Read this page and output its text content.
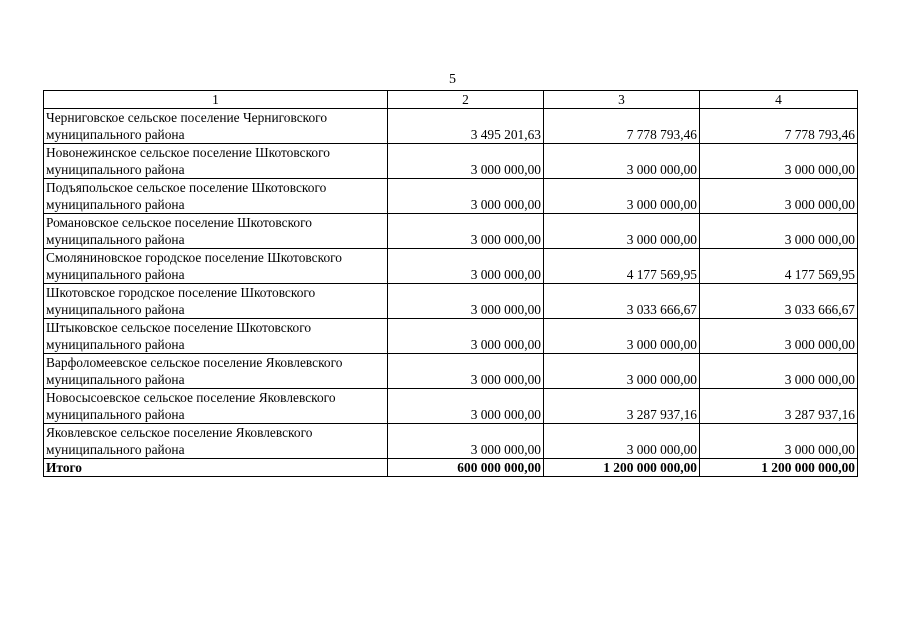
5
1	2	3	4

Черниговское сельское поселение Черниговского
муниципального района	3 495 201,63	7 778 793,46	7 778 793,46

Новонежинское сельское поселение Шкотовского
муниципального района	3 000 000,00	3 000 000,00	3 000 000,00

Подъяпольское сельское поселение Шкотовского
муниципального района	3 000 000,00	3 000 000,00	3 000 000,00

Романовское сельское поселение Шкотовского
муниципального района	3 000 000,00	3 000 000,00	3 000 000,00

Смоляниновское городское поселение Шкотовского
муниципального района	3 000 000,00	4 177 569,95	4 177 569,95

Шкотовское городское поселение Шкотовского
муниципального района	3 000 000,00	3 033 666,67	3 033 666,67

Штыковское сельское поселение Шкотовского
муниципального района	3 000 000,00	3 000 000,00	3 000 000,00

Варфоломеевское сельское поселение Яковлевского
муниципального района	3 000 000,00	3 000 000,00	3 000 000,00

Новосысоевское сельское поселение Яковлевского
муниципального района	3 000 000,00	3 287 937,16	3 287 937,16

Яковлевское сельское поселение Яковлевского
муниципального района	3 000 000,00	3 000 000,00	3 000 000,00
Итого	600 000 000,00	1 200 000 000,00	1 200 000 000,00
